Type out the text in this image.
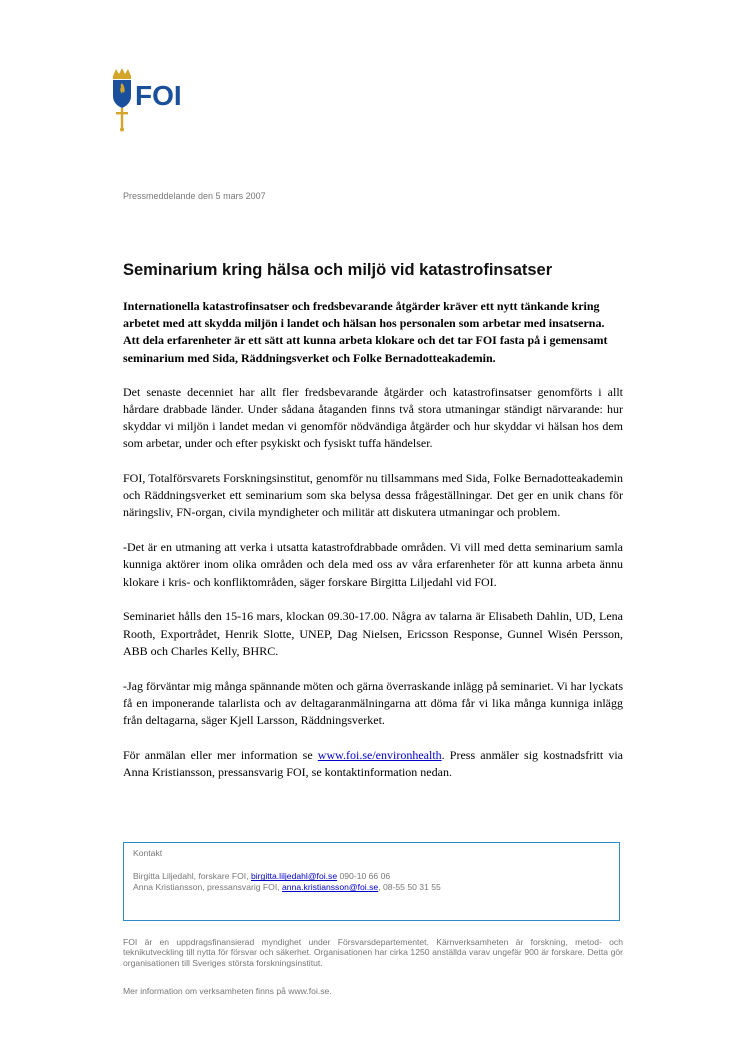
FOI
Pressmeddelande den 5 mars 2007
Seminarium kring hälsa och miljö vid katastrofinsatser

Internationella katastrofinsatser och fredsbevarande åtgärder kräver ett nytt tänkande kring arbetet med att skydda miljön i landet och hälsan hos personalen som arbetar med insatserna. Att dela erfarenheter är ett sätt att kunna arbeta klokare och det tar FOI fasta på i gemensamt seminarium med Sida, Räddningsverket och Folke Bernadotteakademin.

Det senaste decenniet har allt fler fredsbevarande åtgärder och katastrofinsatser genomförts i allt hårdare drabbade länder. Under sådana åtaganden finns två stora utmaningar ständigt närvarande: hur skyddar vi miljön i landet medan vi genomför nödvändiga åtgärder och hur skyddar vi hälsan hos dem som arbetar, under och efter psykiskt och fysiskt tuffa händelser.

FOI, Totalförsvarets Forskningsinstitut, genomför nu tillsammans med Sida, Folke Bernadotteakademin och Räddningsverket ett seminarium som ska belysa dessa frågeställningar. Det ger en unik chans för näringsliv, FN-organ, civila myndigheter och militär att diskutera utmaningar och problem.

-Det är en utmaning att verka i utsatta katastrofdrabbade områden. Vi vill med detta seminarium samla kunniga aktörer inom olika områden och dela med oss av våra erfarenheter för att kunna arbeta ännu klokare i kris- och konfliktområden, säger forskare Birgitta Liljedahl vid FOI.

Seminariet hålls den 15-16 mars, klockan 09.30-17.00. Några av talarna är Elisabeth Dahlin, UD, Lena Rooth, Exportrådet, Henrik Slotte, UNEP, Dag Nielsen, Ericsson Response, Gunnel Wisén Persson, ABB och Charles Kelly, BHRC.

-Jag förväntar mig många spännande möten och gärna överraskande inlägg på seminariet. Vi har lyckats få en imponerande talarlista och av deltagaranmälningarna att döma får vi lika många kunniga inlägg från deltagarna, säger Kjell Larsson, Räddningsverket.

För anmälan eller mer information se www.foi.se/environhealth. Press anmäler sig kostnadsfritt via Anna Kristiansson, pressansvarig FOI, se kontaktinformation nedan.

Kontakt
Birgitta Liljedahl, forskare FOI, birgitta.liljedahl@foi.se 090-10 66 06
Anna Kristiansson, pressansvarig FOI, anna.kristiansson@foi.se, 08-55 50 31 55

FOI är en uppdragsfinansierad myndighet under Försvarsdepartementet. Kärnverksamheten är forskning, metod- och teknikutveckling till nytta för försvar och säkerhet. Organisationen har cirka 1250 anställda varav ungefär 900 är forskare. Detta gör organisationen till Sveriges största forskningsinstitut.

Mer information om verksamheten finns på www.foi.se.
